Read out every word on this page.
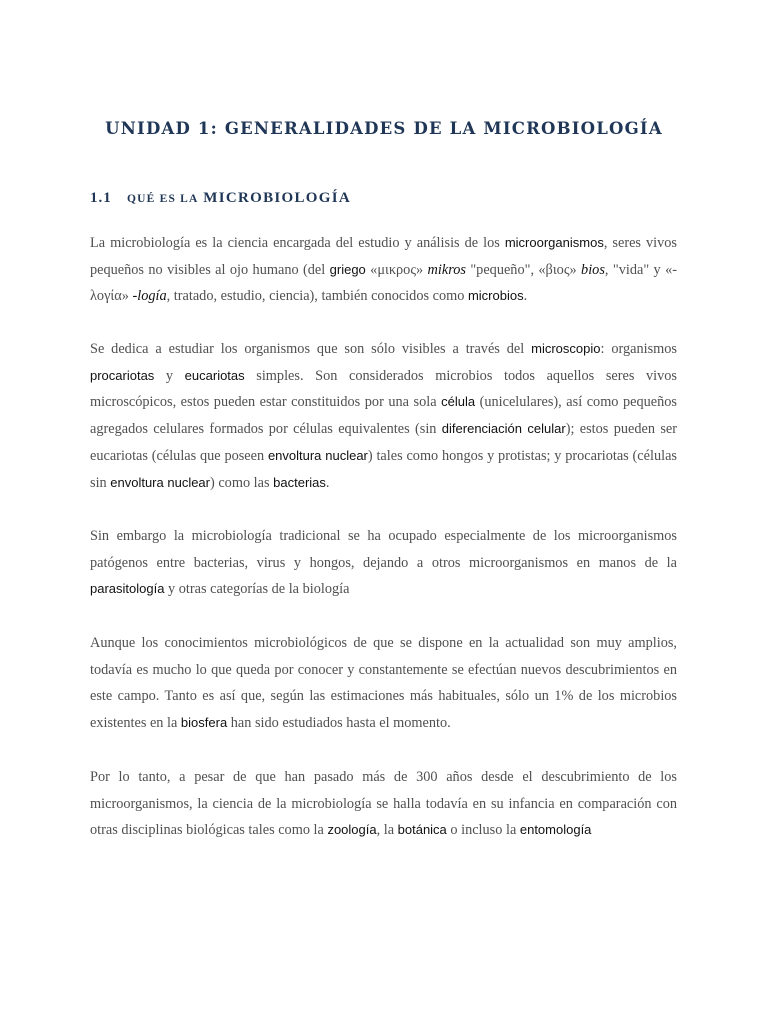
UNIDAD 1: GENERALIDADES DE LA MICROBIOLOGÍA
1.1 QUÉ ES LA MICROBIOLOGÍA

La microbiología es la ciencia encargada del estudio y análisis de los microorganismos, seres vivos pequeños no visibles al ojo humano (del griego «μικρος» mikros "pequeño", «βιος» bios, "vida" y «-λογία» -logía, tratado, estudio, ciencia), también conocidos como microbios.

Se dedica a estudiar los organismos que son sólo visibles a través del microscopio: organismos procariotas y eucariotas simples. Son considerados microbios todos aquellos seres vivos microscópicos, estos pueden estar constituidos por una sola célula (unicelulares), así como pequeños agregados celulares formados por células equivalentes (sin diferenciación celular); estos pueden ser eucariotas (células que poseen envoltura nuclear) tales como hongos y protistas; y procariotas (células sin envoltura nuclear) como las bacterias.

Sin embargo la microbiología tradicional se ha ocupado especialmente de los microorganismos patógenos entre bacterias, virus y hongos, dejando a otros microorganismos en manos de la parasitología y otras categorías de la biología

Aunque los conocimientos microbiológicos de que se dispone en la actualidad son muy amplios, todavía es mucho lo que queda por conocer y constantemente se efectúan nuevos descubrimientos en este campo. Tanto es así que, según las estimaciones más habituales, sólo un 1% de los microbios existentes en la biosfera han sido estudiados hasta el momento.

Por lo tanto, a pesar de que han pasado más de 300 años desde el descubrimiento de los microorganismos, la ciencia de la microbiología se halla todavía en su infancia en comparación con otras disciplinas biológicas tales como la zoología, la botánica o incluso la entomología
